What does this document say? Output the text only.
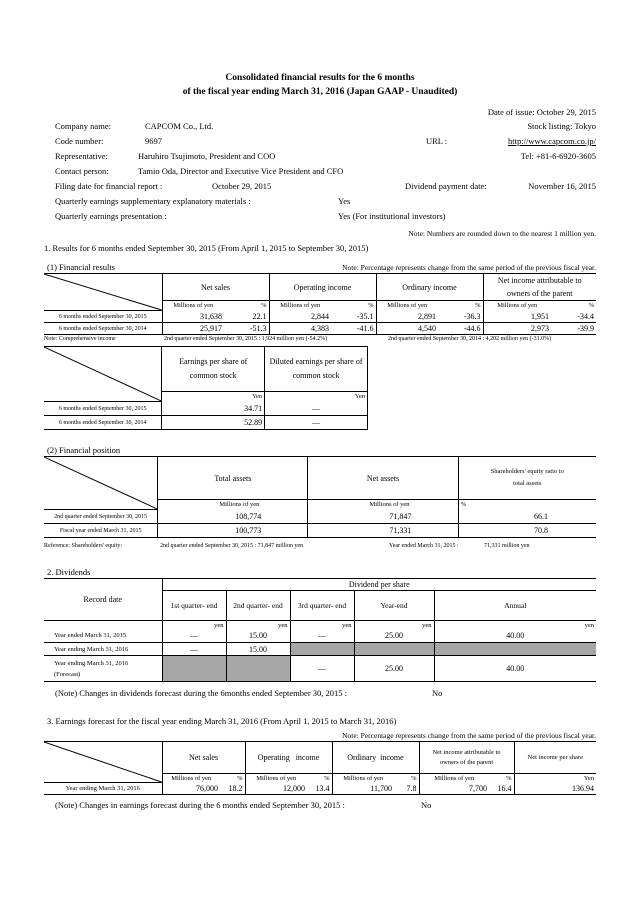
Consolidated financial results for the 6 months
of the fiscal year ending March 31, 2016 (Japan GAAP - Unaudited)
Date of issue: October 29, 2015
Company name:	CAPCOM Co., Ltd.	Stock listing: Tokyo
Code number:	9697	URL :	http://www.capcom.co.jp/
Representative:	Haruhiro Tsujimoto, President and COO	Tel: +81-6-6920-3605
Contact person:	Tamio Oda, Director and Executive Vice President and CFO
Filing date for financial report :	October 29, 2015	Dividend payment date:	November 16, 2015
Quarterly earnings supplementary explanatory materials :	Yes
Quarterly earnings presentation :	Yes (For institutional investors)
Note: Numbers are rounded down to the nearest 1 million yen.
1. Results for 6 months ended September 30, 2015 (From April 1, 2015 to September 30, 2015)
(1) Financial results	Note: Percentage represents change from the same period of the previous fiscal year.
	Net sales		Operating income		Ordinary income		Net income attributable to owners of the parent	
	Millions of yen	%	Millions of yen	%	Millions of yen	%	Millions of yen	%
6 months ended September 30, 2015	31,638	22.1	2,844	-35.1	2,891	-36.3	1,951	-34.4
6 months ended September 30, 2014	25,917	-51.3	4,383	-41.6	4,540	-44.6	2,973	-39.9
Note: Comprehensive income	2nd quarter ended September 30, 2015 : 1,924 million yen (-54.2%)	2nd quarter ended September 30, 2014 : 4,202 million yen (-31.0%)
	Earnings per share of common stock	Diluted earnings per share of common stock
	Yen	Yen
6 months ended September 30, 2015	34.71	—
6 months ended September 30, 2014	52.89	—
(2) Financial position
	Total assets		Net assets		Shareholders' equity ratio to total assets	
	Millions of yen		Millions of yen		%	
2nd quarter ended September 30, 2015	108,774		71,847		66.1	
Fiscal year ended March 31, 2015	100,773		71,331		70.8	
Reference: Shareholders' equity:	2nd quarter ended September 30, 2015 : 71,847 million yen	Year ended March 31, 2015 :	71,331 million yen
2. Dividends
Record date	Dividend per share				
	1st quarter- end	2nd quarter- end	3rd quarter- end	Year-end	Annual
	yen	yen	yen	yen	yen
Year ended March 31, 2015	—	15.00	—	25.00	40.00
Year ending March 31, 2016	—	15.00			
Year ending March 31, 2016
(Forecast)			—	25.00	40.00
(Note) Changes in dividends forecast during the 6months ended September 30, 2015 :	No
3. Earnings forecast for the fiscal year ending March 31, 2016 (From April 1, 2015 to March 31, 2016)
Note: Percentage represents change from the same period of the previous fiscal year.
	Net sales		Operating   income		Ordinary  income		Net income attributable to owners of the parent		Net income per share
	Millions of yen	%	Millions of yen	%	Millions of yen	%	Millions of yen	%	Yen
Year ending March 31, 2016	76,000	18.2	12,000	13.4	11,700	7.8	7,700	16.4	136.94
(Note) Changes in earnings forecast during the 6 months ended September 30, 2015 :	No
